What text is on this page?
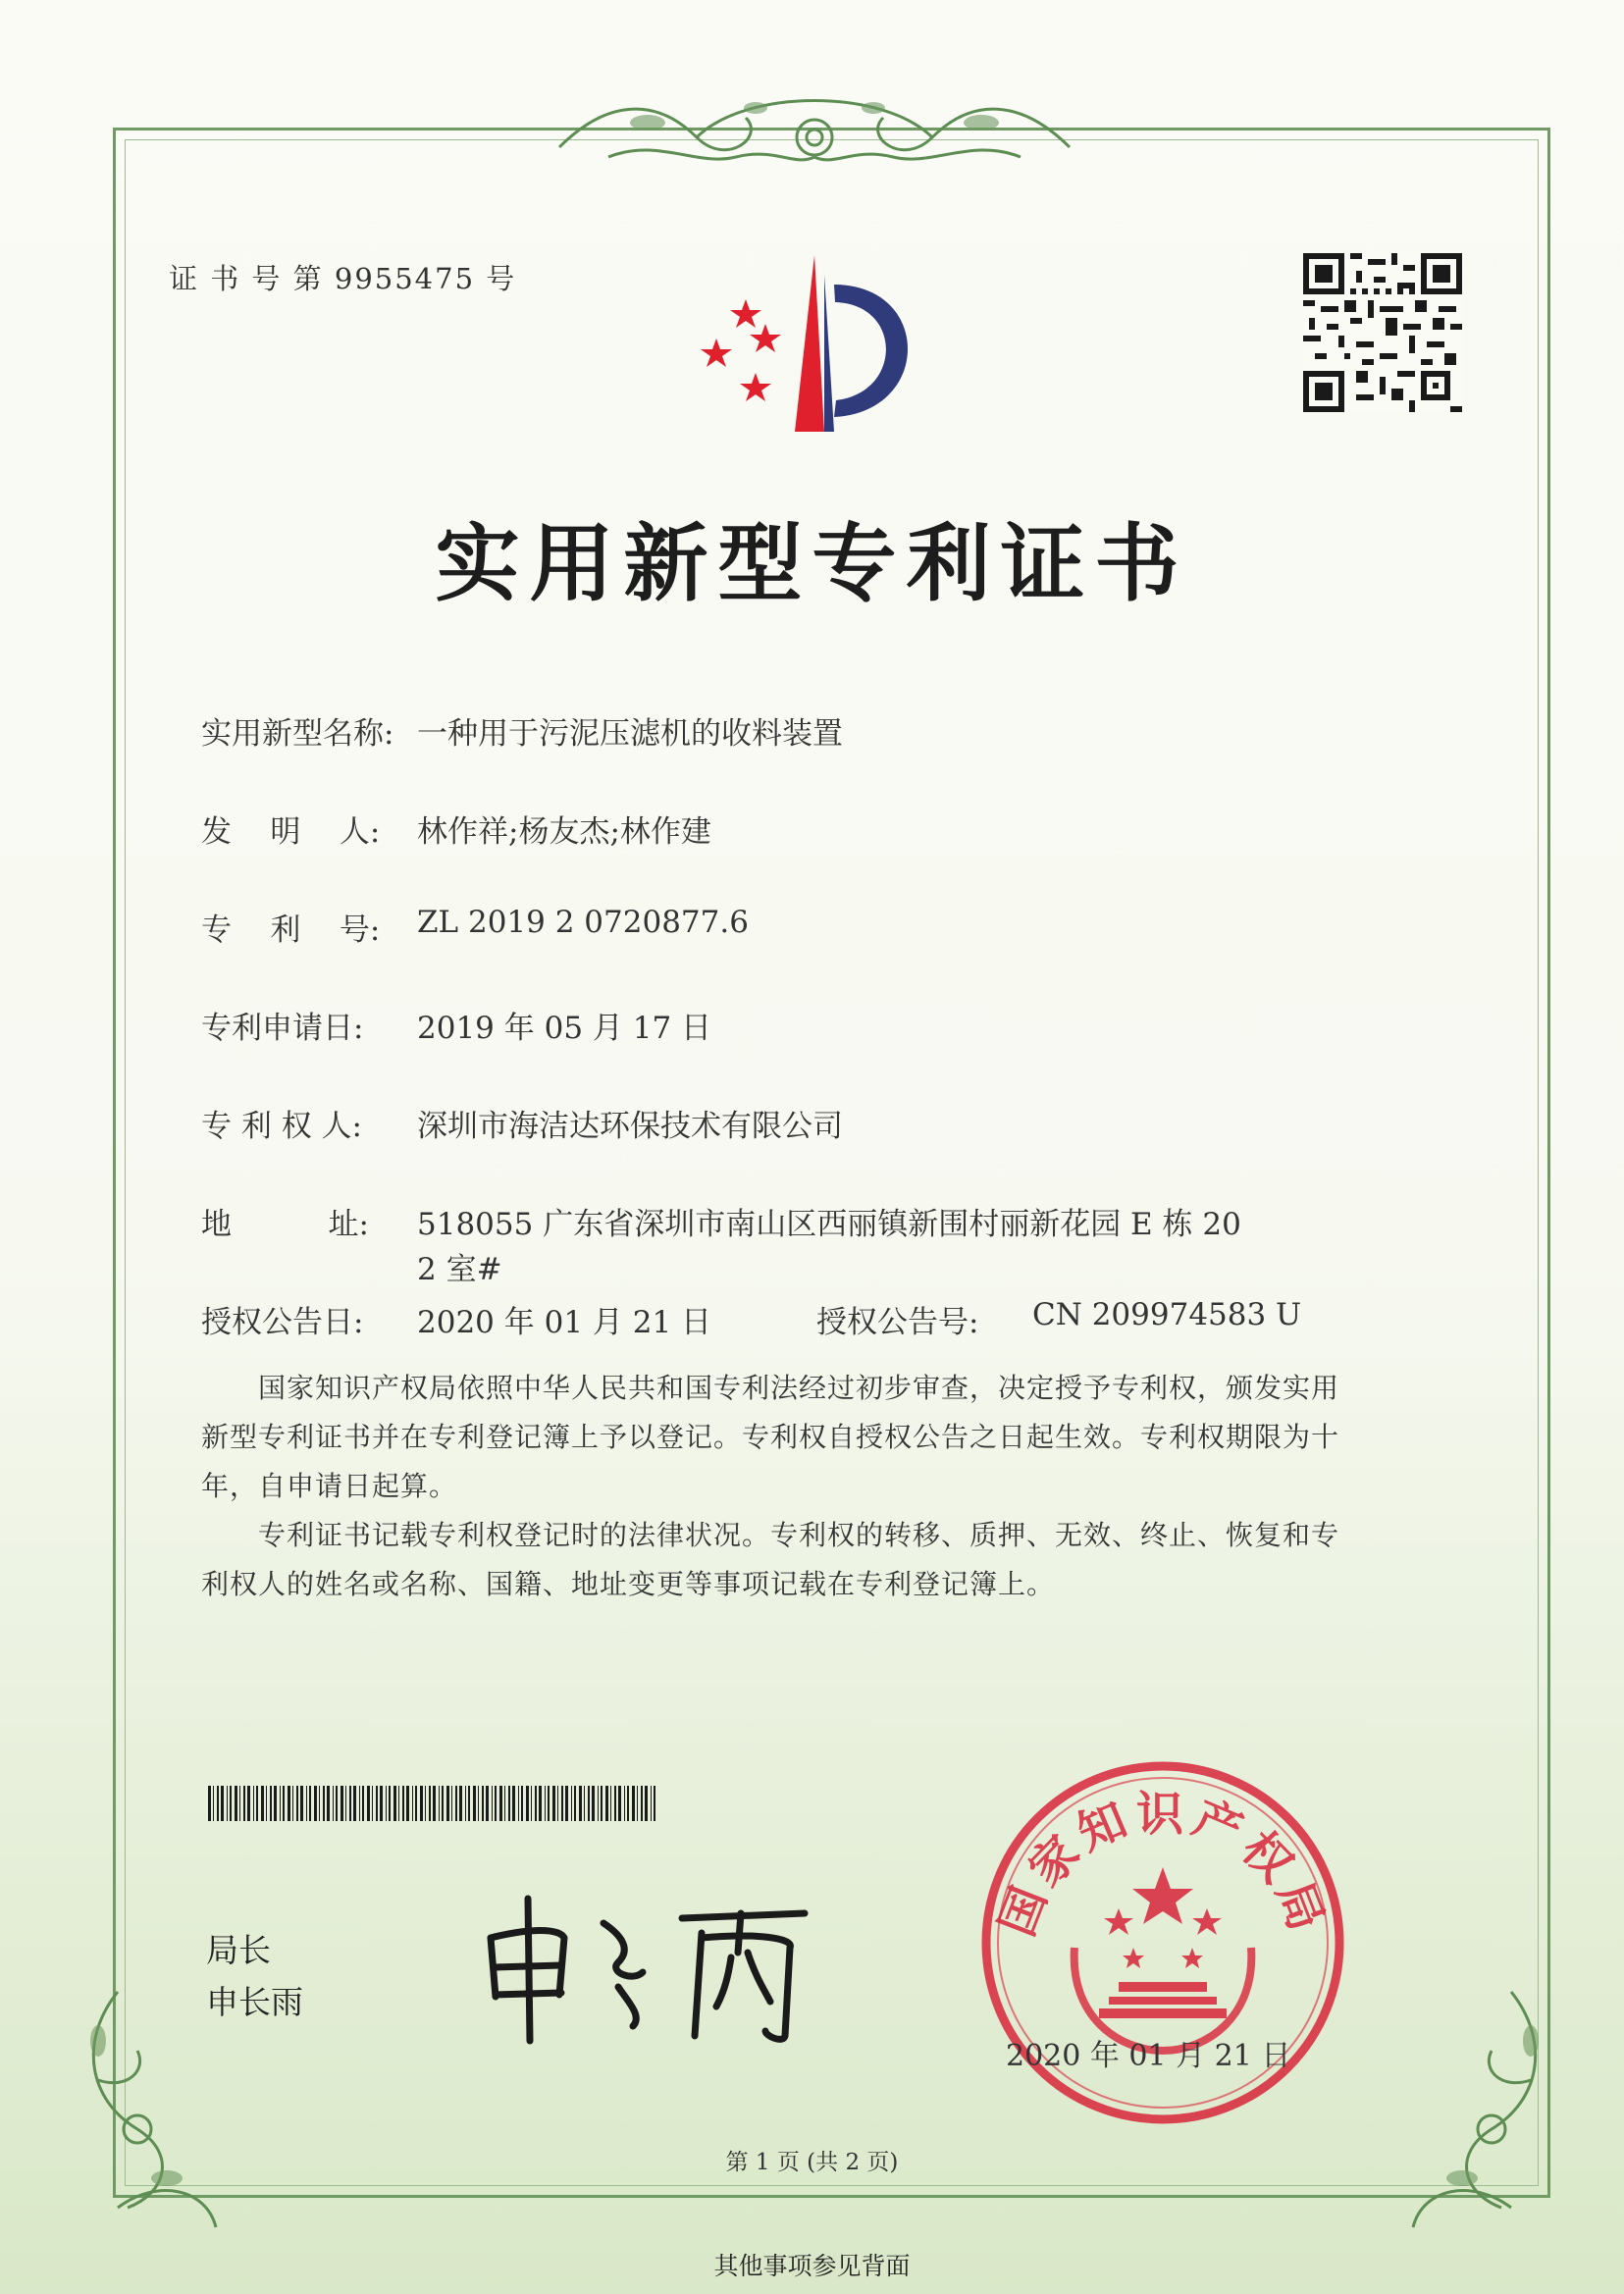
证 书 号 第 9955475 号
实用新型专利证书
实用新型名称: 一种用于污泥压滤机的收料装置
发    明    人: 林作祥;杨友杰;林作建
专    利    号: ZL 2019 2 0720877.6
专利申请日: 2019 年 05 月 17 日
专 利 权 人: 深圳市海洁达环保技术有限公司
地          址: 518055 广东省深圳市南山区西丽镇新围村丽新花园 E 栋 20
2 室#
授权公告日: 2020 年 01 月 21 日	授权公告号: CN 209974583 U
　　国家知识产权局依照中华人民共和国专利法经过初步审查，决定授予专利权，颁发实用
新型专利证书并在专利登记簿上予以登记。专利权自授权公告之日起生效。专利权期限为十
年，自申请日起算。
　　专利证书记载专利权登记时的法律状况。专利权的转移、质押、无效、终止、恢复和专
利权人的姓名或名称、国籍、地址变更等事项记载在专利登记簿上。
局长
申长雨
国家知识产权局
2020 年 01 月 21 日
第 1 页 (共 2 页)
其他事项参见背面
